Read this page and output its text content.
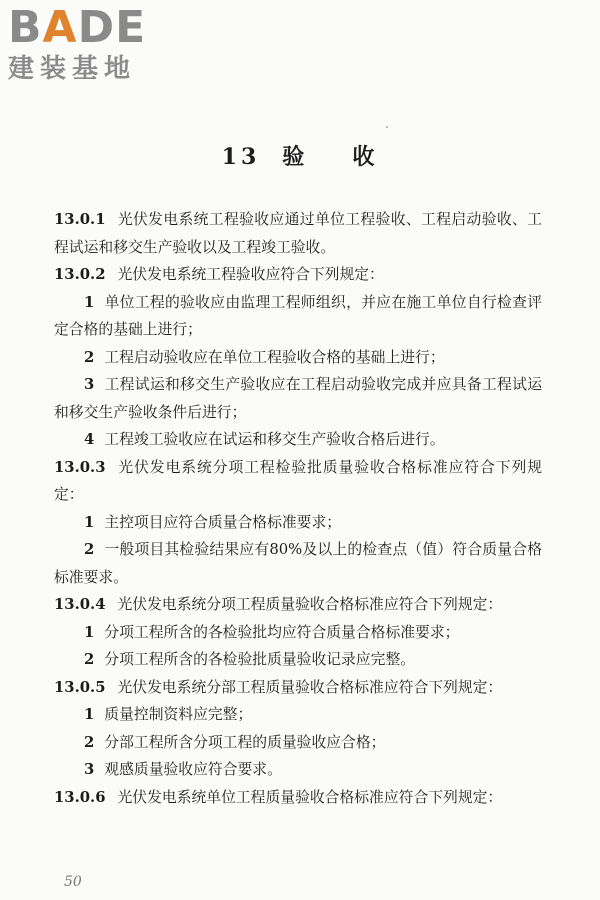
BADE
建装基地
13 验 收

13.0.1 光伏发电系统工程验收应通过单位工程验收、工程启动验收、工程试运和移交生产验收以及工程竣工验收。

13.0.2 光伏发电系统工程验收应符合下列规定：

1 单位工程的验收应由监理工程师组织，并应在施工单位自行检查评定合格的基础上进行；

2 工程启动验收应在单位工程验收合格的基础上进行；

3 工程试运和移交生产验收应在工程启动验收完成并应具备工程试运和移交生产验收条件后进行；

4 工程竣工验收应在试运和移交生产验收合格后进行。

13.0.3 光伏发电系统分项工程检验批质量验收合格标准应符合下列规定：

1 主控项目应符合质量合格标准要求；

2 一般项目其检验结果应有80%及以上的检查点（值）符合质量合格标准要求。

13.0.4 光伏发电系统分项工程质量验收合格标准应符合下列规定：

1 分项工程所含的各检验批均应符合质量合格标准要求；

2 分项工程所含的各检验批质量验收记录应完整。

13.0.5 光伏发电系统分部工程质量验收合格标准应符合下列规定：

1 质量控制资料应完整；

2 分部工程所含分项工程的质量验收应合格；

3 观感质量验收应符合要求。

13.0.6 光伏发电系统单位工程质量验收合格标准应符合下列规定：

50
